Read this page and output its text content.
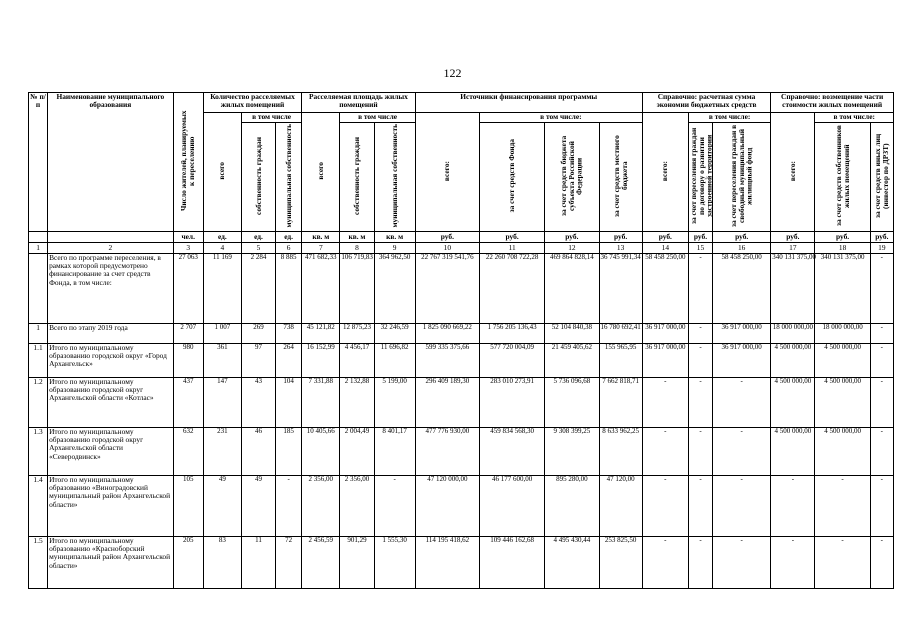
122
№ п/п	Наименование муниципального образования	Число жителей, планируемых к переселению	Количество расселяемых жилых помещений			Расселяемая площадь жилых помещений			Источники финансирования программы				Справочно: расчетная сумма экономии бюджетных средств			Справочно: возмещение части стоимости жилых помещений		
			всего	в том числе		всего	в том числе		всего:	в том числе:			всего:	в том числе:		всего:	в том числе:	
				собственность граждан	муниципальная собственность		собственность граждан	муниципальная собственность		за счет средств Фонда	за счет средств бюджета субъекта Российской Федерации	за счет средств местного бюджета		за счет переселения граждан по договору о развитии застроенной территории	за счет переселения граждан в свободный муниципальный жилищный фонд		за счет средств собственников жилых помещений	за счет средств иных лиц (инвестор по ДРЗТ)
		чел.	ед.	ед.	ед.	кв. м	кв. м	кв. м	руб.	руб.	руб.	руб.	руб.	руб.	руб.	руб.	руб.	руб.
1	2	3	4	5	6	7	8	9	10	11	12	13	14	15	16	17	18	19
	Всего по программе переселения, в рамках которой предусмотрено финансирование за счет средств Фонда, в том числе:	27 063	11 169	2 284	8 885	471 682,33	106 719,83	364 962,50	22 767 319 541,76	22 260 708 722,28	469 864 828,14	36 745 991,34	58 458 250,00	-	58 458 250,00	340 131 375,00	340 131 375,00	-
1	Всего по этапу 2019 года	2 707	1 007	269	738	45 121,82	12 875,23	32 246,59	1 825 090 669,22	1 756 205 136,43	52 104 840,38	16 780 692,41	36 917 000,00	-	36 917 000,00	18 000 000,00	18 000 000,00	-
1.1	Итого по муниципальному образованию городской округ «Город Архангельск»	980	361	97	264	16 152,99	4 456,17	11 696,82	599 335 375,66	577 720 004,09	21 459 405,62	155 965,95	36 917 000,00	-	36 917 000,00	4 500 000,00	4 500 000,00	-
1.2	Итого по муниципальному образованию городской округ Архангельской области «Котлас»	437	147	43	104	7 331,88	2 132,88	5 199,00	296 409 189,30	283 010 273,91	5 736 096,68	7 662 818,71	-	-	-	4 500 000,00	4 500 000,00	-
1.3	Итого по муниципальному образованию городской округ Архангельской области «Северодвинск»	632	231	46	185	10 405,66	2 004,49	8 401,17	477 776 930,00	459 834 568,30	9 308 399,25	8 633 962,25	-	-	-	4 500 000,00	4 500 000,00	-
1.4	Итого по муниципальному образованию «Виноградовский муниципальный район Архангельской области»	105	49	49	-	2 356,00	2 356,00	-	47 120 000,00	46 177 600,00	895 280,00	47 120,00	-	-	-	-	-	-
1.5	Итого по муниципальному образованию «Красноборский муниципальный район Архангельской области»	205	83	11	72	2 456,59	901,29	1 555,30	114 195 418,62	109 446 162,68	4 495 430,44	253 825,50	-	-	-	-	-	-
